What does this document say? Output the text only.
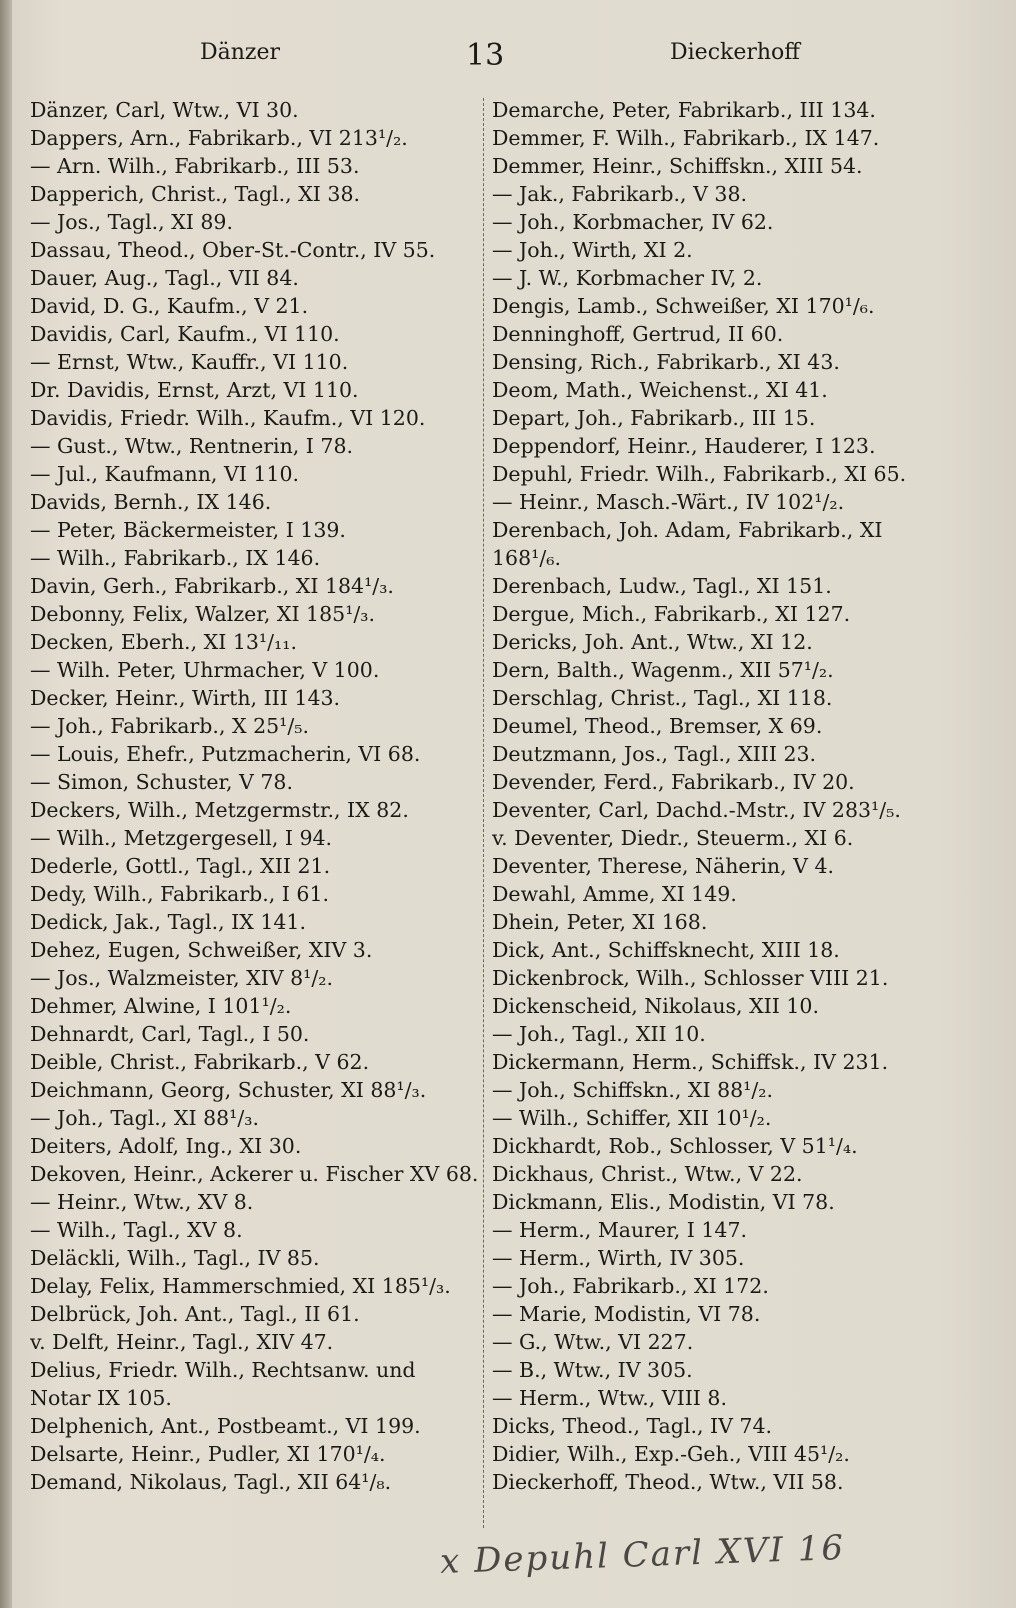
Dänzer	13	Dieckerhoff
Dänzer, Carl, Wtw., VI 30.
Dappers, Arn., Fabrikarb., VI 213¹/₂.
— Arn. Wilh., Fabrikarb., III 53.
Dapperich, Christ., Tagl., XI 38.
— Jos., Tagl., XI 89.
Dassau, Theod., Ober-St.-Contr., IV 55.
Dauer, Aug., Tagl., VII 84.
David, D. G., Kaufm., V 21.
Davidis, Carl, Kaufm., VI 110.
— Ernst, Wtw., Kauffr., VI 110.
Dr. Davidis, Ernst, Arzt, VI 110.
Davidis, Friedr. Wilh., Kaufm., VI 120.
— Gust., Wtw., Rentnerin, I 78.
— Jul., Kaufmann, VI 110.
Davids, Bernh., IX 146.
— Peter, Bäckermeister, I 139.
— Wilh., Fabrikarb., IX 146.
Davin, Gerh., Fabrikarb., XI 184¹/₃.
Debonny, Felix, Walzer, XI 185¹/₃.
Decken, Eberh., XI 13¹/₁₁.
— Wilh. Peter, Uhrmacher, V 100.
Decker, Heinr., Wirth, III 143.
— Joh., Fabrikarb., X 25¹/₅.
— Louis, Ehefr., Putzmacherin, VI 68.
— Simon, Schuster, V 78.
Deckers, Wilh., Metzgermstr., IX 82.
— Wilh., Metzgergesell, I 94.
Dederle, Gottl., Tagl., XII 21.
Dedy, Wilh., Fabrikarb., I 61.
Dedick, Jak., Tagl., IX 141.
Dehez, Eugen, Schweißer, XIV 3.
— Jos., Walzmeister, XIV 8¹/₂.
Dehmer, Alwine, I 101¹/₂.
Dehnardt, Carl, Tagl., I 50.
Deible, Christ., Fabrikarb., V 62.
Deichmann, Georg, Schuster, XI 88¹/₃.
— Joh., Tagl., XI 88¹/₃.
Deiters, Adolf, Ing., XI 30.
Dekoven, Heinr., Ackerer u. Fischer XV 68.
— Heinr., Wtw., XV 8.
— Wilh., Tagl., XV 8.
Deläckli, Wilh., Tagl., IV 85.
Delay, Felix, Hammerschmied, XI 185¹/₃.
Delbrück, Joh. Ant., Tagl., II 61.
v. Delft, Heinr., Tagl., XIV 47.
Delius, Friedr. Wilh., Rechtsanw. und
Notar IX 105.
Delphenich, Ant., Postbeamt., VI 199.
Delsarte, Heinr., Pudler, XI 170¹/₄.
Demand, Nikolaus, Tagl., XII 64¹/₈.
Demarche, Peter, Fabrikarb., III 134.
Demmer, F. Wilh., Fabrikarb., IX 147.
Demmer, Heinr., Schiffskn., XIII 54.
— Jak., Fabrikarb., V 38.
— Joh., Korbmacher, IV 62.
— Joh., Wirth, XI 2.
— J. W., Korbmacher IV, 2.
Dengis, Lamb., Schweißer, XI 170¹/₆.
Denninghoff, Gertrud, II 60.
Densing, Rich., Fabrikarb., XI 43.
Deom, Math., Weichenst., XI 41.
Depart, Joh., Fabrikarb., III 15.
Deppendorf, Heinr., Hauderer, I 123.
Depuhl, Friedr. Wilh., Fabrikarb., XI 65.
— Heinr., Masch.-Wärt., IV 102¹/₂.
Derenbach, Joh. Adam, Fabrikarb., XI
168¹/₆.
Derenbach, Ludw., Tagl., XI 151.
Dergue, Mich., Fabrikarb., XI 127.
Dericks, Joh. Ant., Wtw., XI 12.
Dern, Balth., Wagenm., XII 57¹/₂.
Derschlag, Christ., Tagl., XI 118.
Deumel, Theod., Bremser, X 69.
Deutzmann, Jos., Tagl., XIII 23.
Devender, Ferd., Fabrikarb., IV 20.
Deventer, Carl, Dachd.-Mstr., IV 283¹/₅.
v. Deventer, Diedr., Steuerm., XI 6.
Deventer, Therese, Näherin, V 4.
Dewahl, Amme, XI 149.
Dhein, Peter, XI 168.
Dick, Ant., Schiffsknecht, XIII 18.
Dickenbrock, Wilh., Schlosser VIII 21.
Dickenscheid, Nikolaus, XII 10.
— Joh., Tagl., XII 10.
Dickermann, Herm., Schiffsk., IV 231.
— Joh., Schiffskn., XI 88¹/₂.
— Wilh., Schiffer, XII 10¹/₂.
Dickhardt, Rob., Schlosser, V 51¹/₄.
Dickhaus, Christ., Wtw., V 22.
Dickmann, Elis., Modistin, VI 78.
— Herm., Maurer, I 147.
— Herm., Wirth, IV 305.
— Joh., Fabrikarb., XI 172.
— Marie, Modistin, VI 78.
— G., Wtw., VI 227.
— B., Wtw., IV 305.
— Herm., Wtw., VIII 8.
Dicks, Theod., Tagl., IV 74.
Didier, Wilh., Exp.-Geh., VIII 45¹/₂.
Dieckerhoff, Theod., Wtw., VII 58.
x Depuhl Carl XVI 16
